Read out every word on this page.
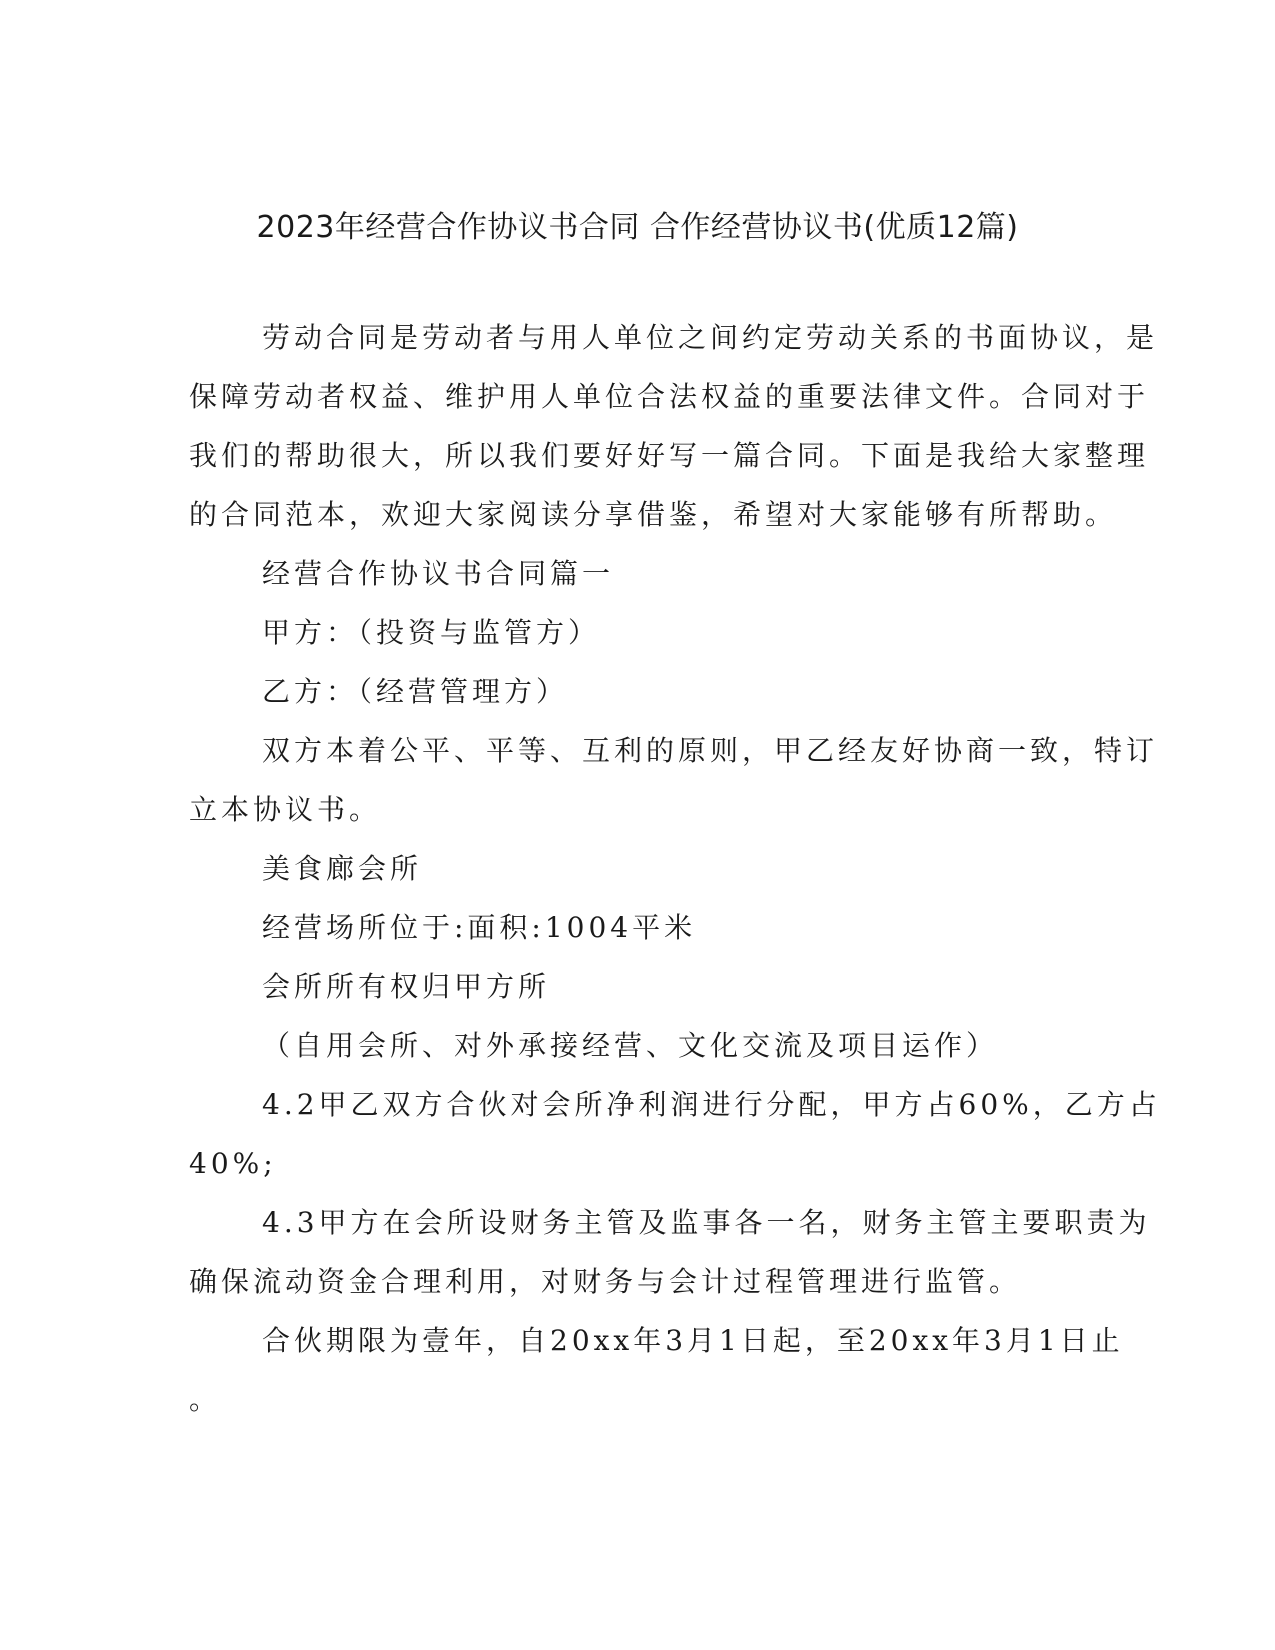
2023年经营合作协议书合同 合作经营协议书(优质12篇)

劳动合同是劳动者与用人单位之间约定劳动关系的书面协议，是

保障劳动者权益、维护用人单位合法权益的重要法律文件。合同对于

我们的帮助很大，所以我们要好好写一篇合同。下面是我给大家整理

的合同范本，欢迎大家阅读分享借鉴，希望对大家能够有所帮助。

经营合作协议书合同篇一

甲方：（投资与监管方）

乙方：（经营管理方）

双方本着公平、平等、互利的原则，甲乙经友好协商一致，特订

立本协议书。

美食廊会所

经营场所位于:面积:1004平米

会所所有权归甲方所

（自用会所、对外承接经营、文化交流及项目运作）

4.2甲乙双方合伙对会所净利润进行分配，甲方占60%，乙方占

40%;

4.3甲方在会所设财务主管及监事各一名，财务主管主要职责为

确保流动资金合理利用，对财务与会计过程管理进行监管。

合伙期限为壹年，自20xx年3月1日起，至20xx年3月1日止

。
